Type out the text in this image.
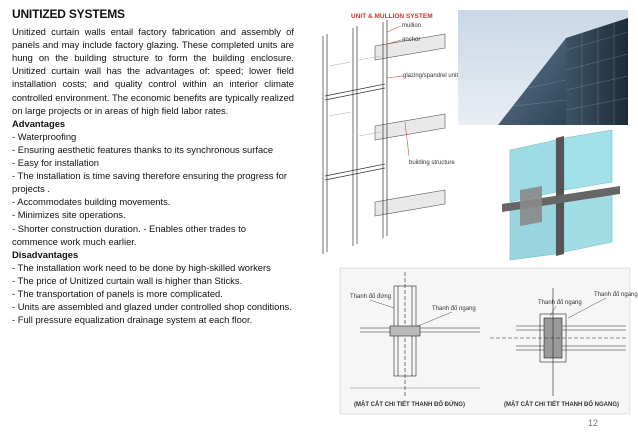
UNITIZED SYSTEMS
Unitized curtain walls entail factory fabrication and assembly of panels and may include factory glazing. These completed units are hung on the building structure to form the building enclosure. Unitized curtain wall has the advantages of: speed; lower field installation costs; and quality control within an interior climate controlled environment. The economic benefits are typically realized on large projects or in areas of high field labor rates.
Advantages
- Waterproofing
- Ensuring aesthetic features thanks to its synchronous surface
- Easy for installation
- The installation is time saving therefore ensuring the progress for projects .
- Accommodates building movements.
- Minimizes site operations.
- Shorter construction duration. - Enables other trades to commence work much earlier.
Disadvantages
- The installation work need to be done by high-skilled workers
- The price of Unitized curtain wall is higher than Sticks.
- The transportation of panels is more complicated.
- Units are assembled and glazed under controlled shop conditions.
- Full pressure equalization drainage system at each floor.
UNIT & MULLION SYSTEM
mullion
anchor
glazing/spandrel unit
building structure
Thanh đố đứng
Thanh đố ngang
Thanh đố ngang
Thanh đố ngang
(MẶT CẮT CHI TIẾT THANH ĐỐ ĐỨNG)	(MẶT CẮT CHI TIẾT THANH ĐỐ NGANG)
12
